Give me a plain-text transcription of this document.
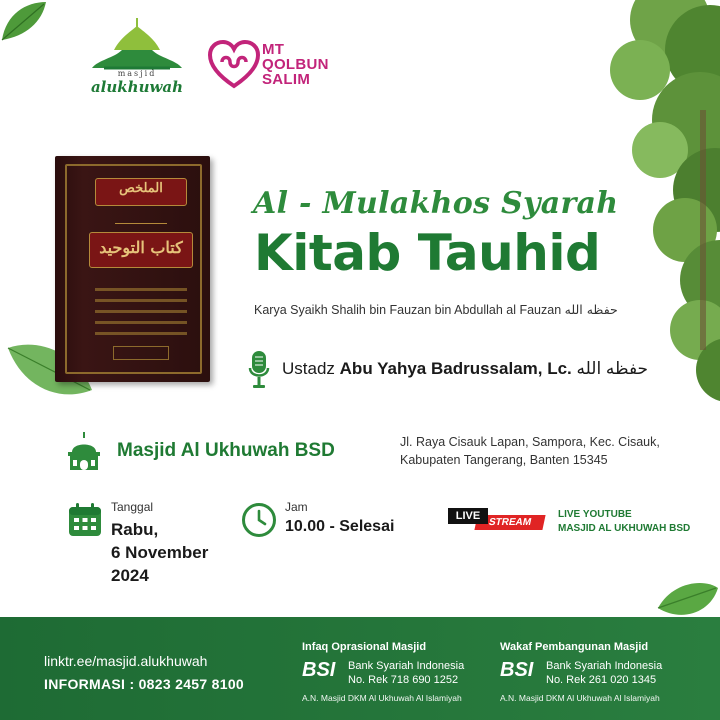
masjid
alukhuwah
MT
QOLBUN
SALIM
الملخص
كتاب التوحيد
Al - Mulakhos Syarah
Kitab Tauhid
Karya Syaikh Shalih bin Fauzan bin Abdullah al Fauzan حفظه الله
Ustadz Abu Yahya Badrussalam, Lc. حفظه الله
Masjid Al Ukhuwah BSD	Jl. Raya Cisauk Lapan, Sampora, Kec. Cisauk,
Kabupaten Tangerang, Banten 15345
Tanggal
Rabu,
6 November
2024
Jam
10.00 - Selesai	STREAM
LIVE	LIVE YOUTUBE
MASJID AL UKHUWAH BSD
linktr.ee/masjid.alukhuwah
INFORMASI : 0823 2457 8100
Infaq Oprasional Masjid
BSI Bank Syariah Indonesia
No. Rek 718 690 1252
A.N. Masjid DKM Al Ukhuwah Al Islamiyah
Wakaf Pembangunan Masjid
BSI Bank Syariah Indonesia
No. Rek 261 020 1345
A.N. Masjid DKM Al Ukhuwah Al Islamiyah
